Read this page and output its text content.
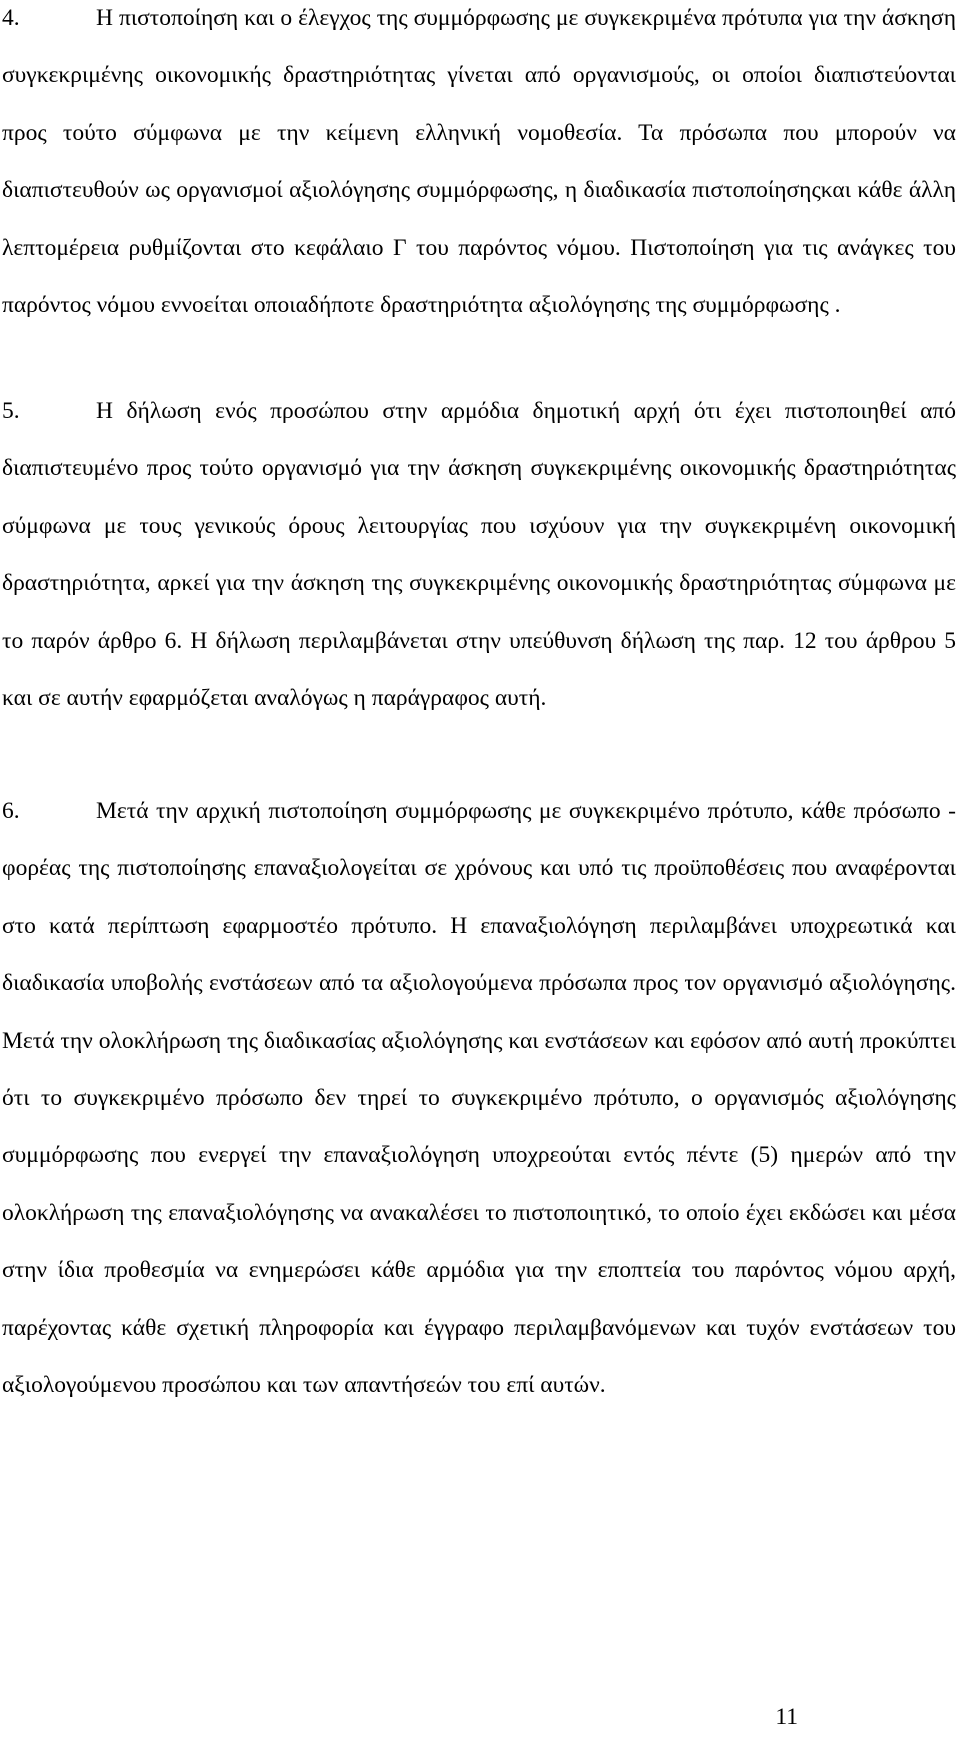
4.	Η πιστοποίηση και ο έλεγχος της συμμόρφωσης με συγκεκριμένα πρότυπα για την άσκηση συγκεκριμένης οικονομικής δραστηριότητας γίνεται από οργανισμούς, οι οποίοι διαπιστεύονται προς τούτο σύμφωνα με την κείμενη ελληνική νομοθεσία. Τα πρόσωπα που μπορούν να διαπιστευθούν ως οργανισμοί αξιολόγησης συμμόρφωσης, η διαδικασία πιστοποίησηςκαι κάθε άλλη λεπτομέρεια ρυθμίζονται στο κεφάλαιο Γ του παρόντος νόμου. Πιστοποίηση για τις ανάγκες του παρόντος νόμου εννοείται οποιαδήποτε δραστηριότητα αξιολόγησης της συμμόρφωσης .

5.	Η δήλωση ενός προσώπου στην αρμόδια δημοτική αρχή ότι έχει πιστοποιηθεί από διαπιστευμένο προς τούτο οργανισμό για την άσκηση συγκεκριμένης οικονομικής δραστηριότητας σύμφωνα με τους γενικούς όρους λειτουργίας που ισχύουν για την συγκεκριμένη οικονομική δραστηριότητα, αρκεί για την άσκηση της συγκεκριμένης οικονομικής δραστηριότητας σύμφωνα με το παρόν άρθρο 6. Η δήλωση περιλαμβάνεται στην υπεύθυνση δήλωση της παρ. 12 του άρθρου 5 και σε αυτήν εφαρμόζεται αναλόγως η παράγραφος αυτή.

6.	Μετά την αρχική πιστοποίηση συμμόρφωσης με συγκεκριμένο πρότυπο, κάθε πρόσωπο - φορέας της πιστοποίησης επαναξιολογείται σε χρόνους και υπό τις προϋποθέσεις που αναφέρονται στο κατά περίπτωση εφαρμοστέο πρότυπο. Η επαναξιολόγηση περιλαμβάνει υποχρεωτικά και διαδικασία υποβολής ενστάσεων από τα αξιολογούμενα πρόσωπα προς τον οργανισμό αξιολόγησης. Μετά την ολοκλήρωση της διαδικασίας αξιολόγησης και ενστάσεων και εφόσον από αυτή προκύπτει ότι το συγκεκριμένο πρόσωπο δεν τηρεί το συγκεκριμένο πρότυπο, ο οργανισμός αξιολόγησης συμμόρφωσης που ενεργεί την επαναξιολόγηση υποχρεούται εντός πέντε (5) ημερών από την ολοκλήρωση της επαναξιολόγησης να ανακαλέσει το πιστοποιητικό, το οποίο έχει εκδώσει και μέσα στην ίδια προθεσμία να ενημερώσει κάθε αρμόδια για την εποπτεία του παρόντος νόμου αρχή, παρέχοντας κάθε σχετική πληροφορία και έγγραφο περιλαμβανόμενων και τυχόν ενστάσεων του αξιολογούμενου προσώπου και των απαντήσεών του επί αυτών.

11
